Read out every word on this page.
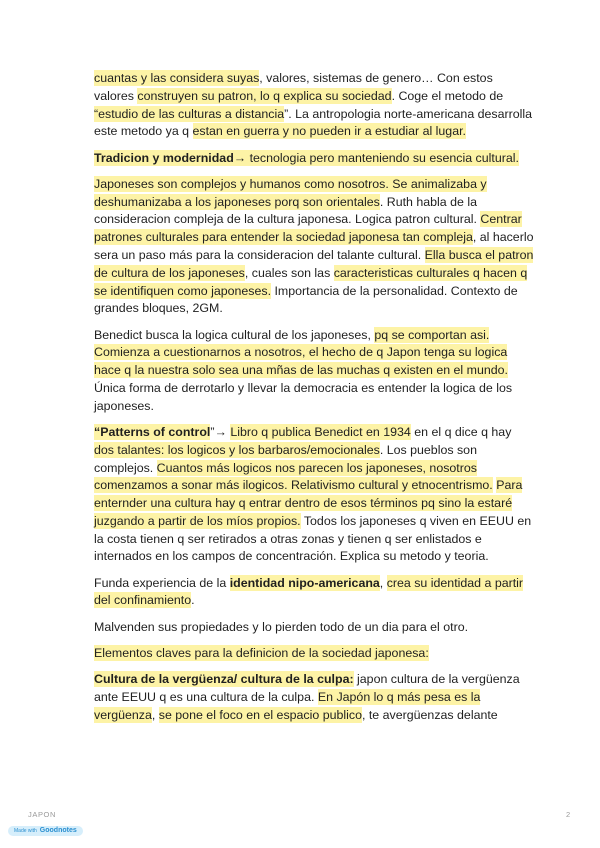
cuantas y las considera suyas, valores, sistemas de genero… Con estos valores construyen su patron, lo q explica su sociedad. Coge el metodo de “estudio de las culturas a distancia”. La antropologia norte-americana desarrolla este metodo ya q estan en guerra y no pueden ir a estudiar al lugar.

Tradicion y modernidad→ tecnologia pero manteniendo su esencia cultural.

Japoneses son complejos y humanos como nosotros. Se animalizaba y deshumanizaba a los japoneses porq son orientales. Ruth habla de la consideracion compleja de la cultura japonesa. Logica patron cultural. Centrar patrones culturales para entender la sociedad japonesa tan compleja, al hacerlo sera un paso más para la consideracion del talante cultural. Ella busca el patron de cultura de los japoneses, cuales son las caracteristicas culturales q hacen q se identifiquen como japoneses. Importancia de la personalidad. Contexto de grandes bloques, 2GM.

Benedict busca la logica cultural de los japoneses, pq se comportan asi. Comienza a cuestionarnos a nosotros, el hecho de q Japon tenga su logica hace q la nuestra solo sea una mñas de las muchas q existen en el mundo. Única forma de derrotarlo y llevar la democracia es entender la logica de los japoneses.

“Patterns of control”→ Libro q publica Benedict en 1934 en el q dice q hay dos talantes: los logicos y los barbaros/emocionales. Los pueblos son complejos. Cuantos más logicos nos parecen los japoneses, nosotros comenzamos a sonar más ilogicos. Relativismo cultural y etnocentrismo. Para enternder una cultura hay q entrar dentro de esos términos pq sino la estaré juzgando a partir de los míos propios. Todos los japoneses q viven en EEUU en la costa tienen q ser retirados a otras zonas y tienen q ser enlistados e internados en los campos de concentración. Explica su metodo y teoria.

Funda experiencia de la identidad nipo-americana, crea su identidad a partir del confinamiento.

Malvenden sus propiedades y lo pierden todo de un dia para el otro.

Elementos claves para la definicion de la sociedad japonesa:

Cultura de la vergüenza/ cultura de la culpa: japon cultura de la vergüenza ante EEUU q es una cultura de la culpa. En Japón lo q más pesa es la vergüenza, se pone el foco en el espacio publico, te avergüenzas delante

JAPON	2
Made with Goodnotes
